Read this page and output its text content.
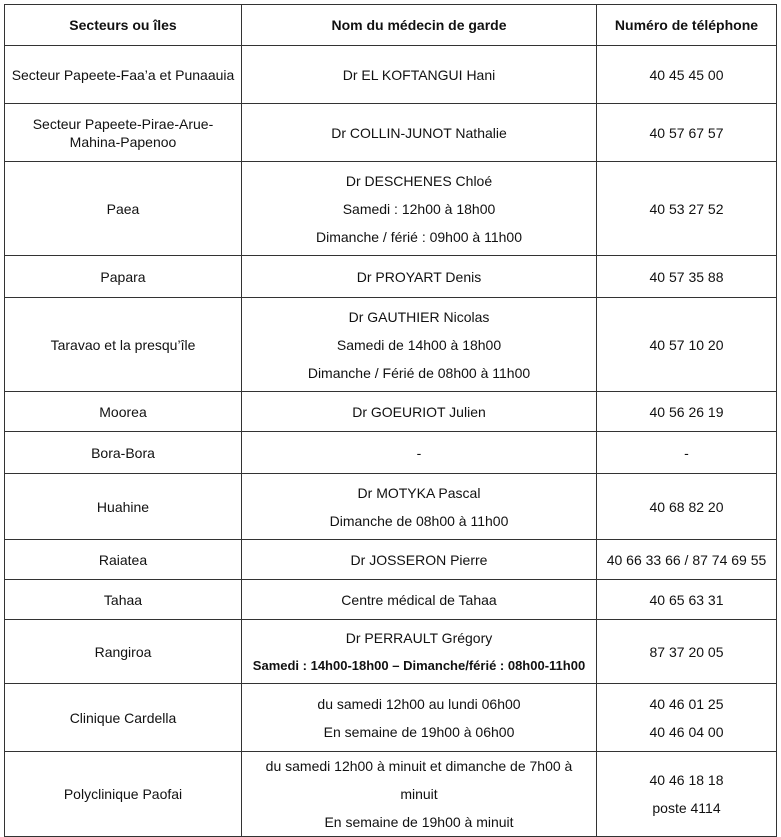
Secteurs ou îles	Nom du médecin de garde	Numéro de téléphone
Secteur Papeete-Faa’a et Punaauia	Dr EL KOFTANGUI Hani	40 45 45 00

Secteur Papeete-Pirae-Arue-Mahina-Papenoo	Dr COLLIN-JUNOT Nathalie	40 57 67 57

Paea	Dr DESCHENES Chloé
Samedi : 12h00 à 18h00
Dimanche / férié : 09h00 à 11h00	40 53 27 52

Papara	Dr PROYART Denis	40 57 35 88

Taravao et la presqu’île	Dr GAUTHIER Nicolas
Samedi de 14h00 à 18h00
Dimanche / Férié de 08h00 à 11h00	40 57 10 20

Moorea	Dr GOEURIOT Julien	40 56 26 19

Bora-Bora	-	-

Huahine	Dr MOTYKA Pascal
Dimanche de 08h00 à 11h00	40 68 82 20

Raiatea	Dr JOSSERON Pierre	40 66 33 66 / 87 74 69 55

Tahaa	Centre médical de Tahaa	40 65 63 31

Rangiroa	Dr PERRAULT Grégory
Samedi : 14h00-18h00 – Dimanche/férié : 08h00-11h00	87 37 20 05

Clinique Cardella	du samedi 12h00 au lundi 06h00
En semaine de 19h00 à 06h00	40 46 01 25
40 46 04 00

Polyclinique Paofai	du samedi 12h00 à minuit et dimanche de 7h00 à minuit
En semaine de 19h00 à minuit	40 46 18 18
poste 4114
